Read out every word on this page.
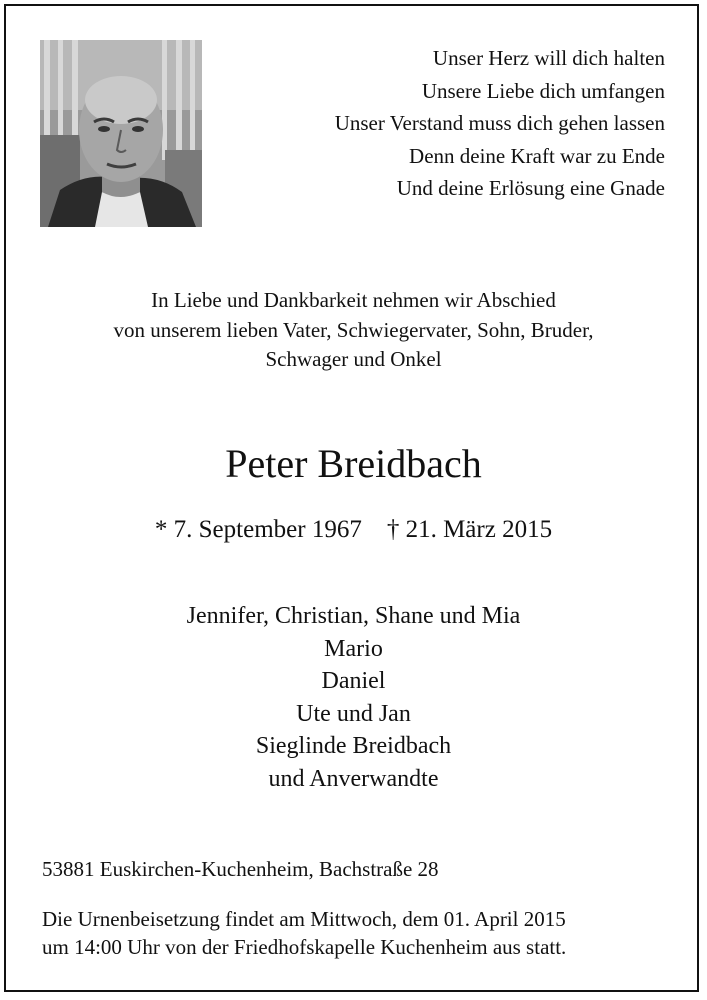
Unser Herz will dich halten
Unsere Liebe dich umfangen
Unser Verstand muss dich gehen lassen
Denn deine Kraft war zu Ende
Und deine Erlösung eine Gnade
In Liebe und Dankbarkeit nehmen wir Abschied
von unserem lieben Vater, Schwiegervater, Sohn, Bruder,
Schwager und Onkel
Peter Breidbach
* 7. September 1967 † 21. März 2015
Jennifer, Christian, Shane und Mia
Mario
Daniel
Ute und Jan
Sieglinde Breidbach
und Anverwandte
53881 Euskirchen-Kuchenheim, Bachstraße 28
Die Urnenbeisetzung findet am Mittwoch, dem 01. April 2015
um 14:00 Uhr von der Friedhofskapelle Kuchenheim aus statt.
